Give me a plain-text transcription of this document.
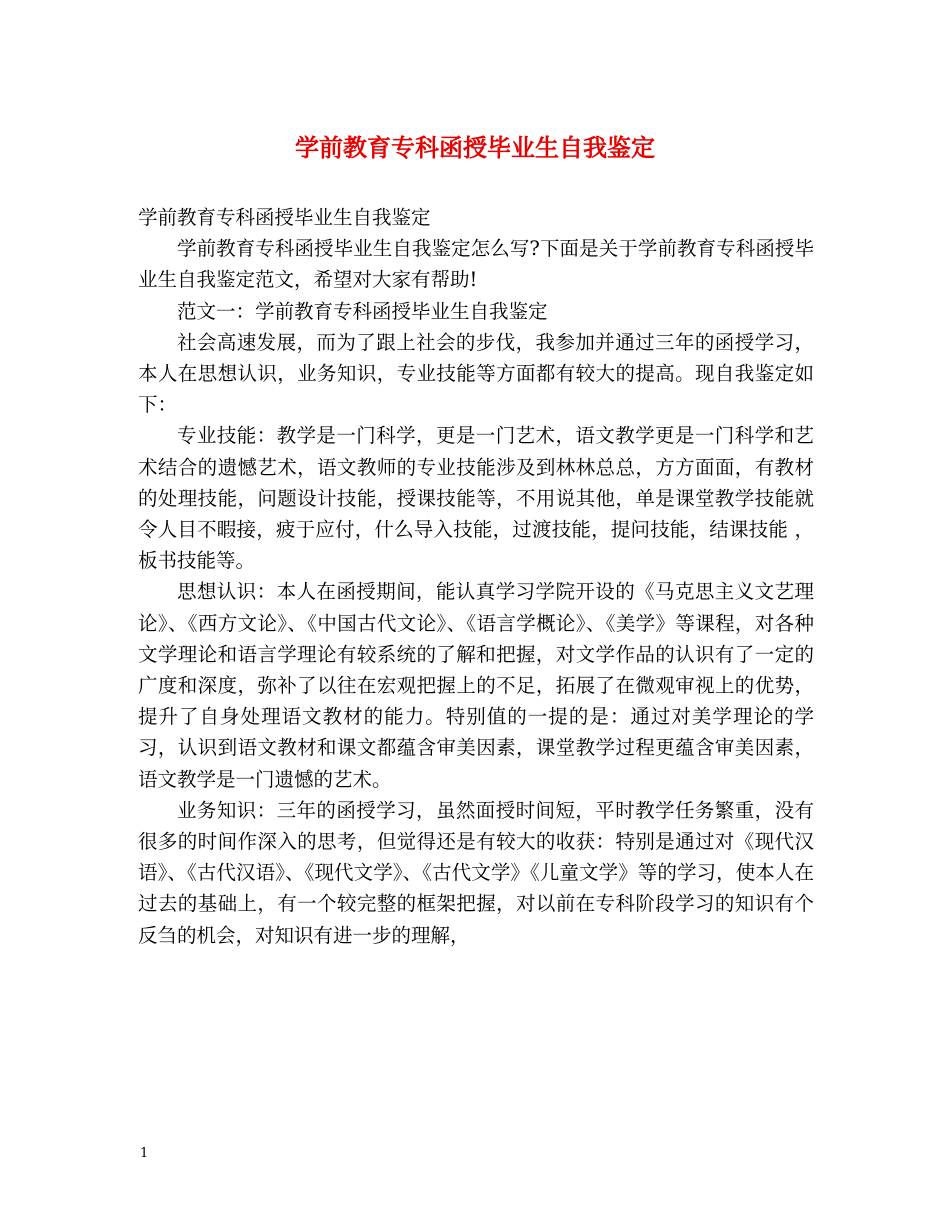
学前教育专科函授毕业生自我鉴定

学前教育专科函授毕业生自我鉴定

学前教育专科函授毕业生自我鉴定怎么写?下面是关于学前教育专科函授毕业生自我鉴定范文，希望对大家有帮助!

范文一：学前教育专科函授毕业生自我鉴定

社会高速发展，而为了跟上社会的步伐，我参加并通过三年的函授学习，本人在思想认识，业务知识，专业技能等方面都有较大的提高。现自我鉴定如下：

专业技能：教学是一门科学，更是一门艺术，语文教学更是一门科学和艺术结合的遗憾艺术，语文教师的专业技能涉及到林林总总，方方面面，有教材的处理技能，问题设计技能，授课技能等，不用说其他，单是课堂教学技能就令人目不暇接，疲于应付，什么导入技能，过渡技能，提问技能，结课技能 ，板书技能等。

思想认识：本人在函授期间，能认真学习学院开设的《马克思主义文艺理论》、《西方文论》、《中国古代文论》、《语言学概论》、《美学》等课程，对各种文学理论和语言学理论有较系统的了解和把握，对文学作品的认识有了一定的广度和深度，弥补了以往在宏观把握上的不足，拓展了在微观审视上的优势，提升了自身处理语文教材的能力。特别值的一提的是：通过对美学理论的学习，认识到语文教材和课文都蕴含审美因素，课堂教学过程更蕴含审美因素，语文教学是一门遗憾的艺术。

业务知识：三年的函授学习，虽然面授时间短，平时教学任务繁重，没有很多的时间作深入的思考，但觉得还是有较大的收获：特别是通过对《现代汉语》、《古代汉语》、《现代文学》、《古代文学》《儿童文学》等的学习，使本人在过去的基础上，有一个较完整的框架把握，对以前在专科阶段学习的知识有个反刍的机会，对知识有进一步的理解，

1
